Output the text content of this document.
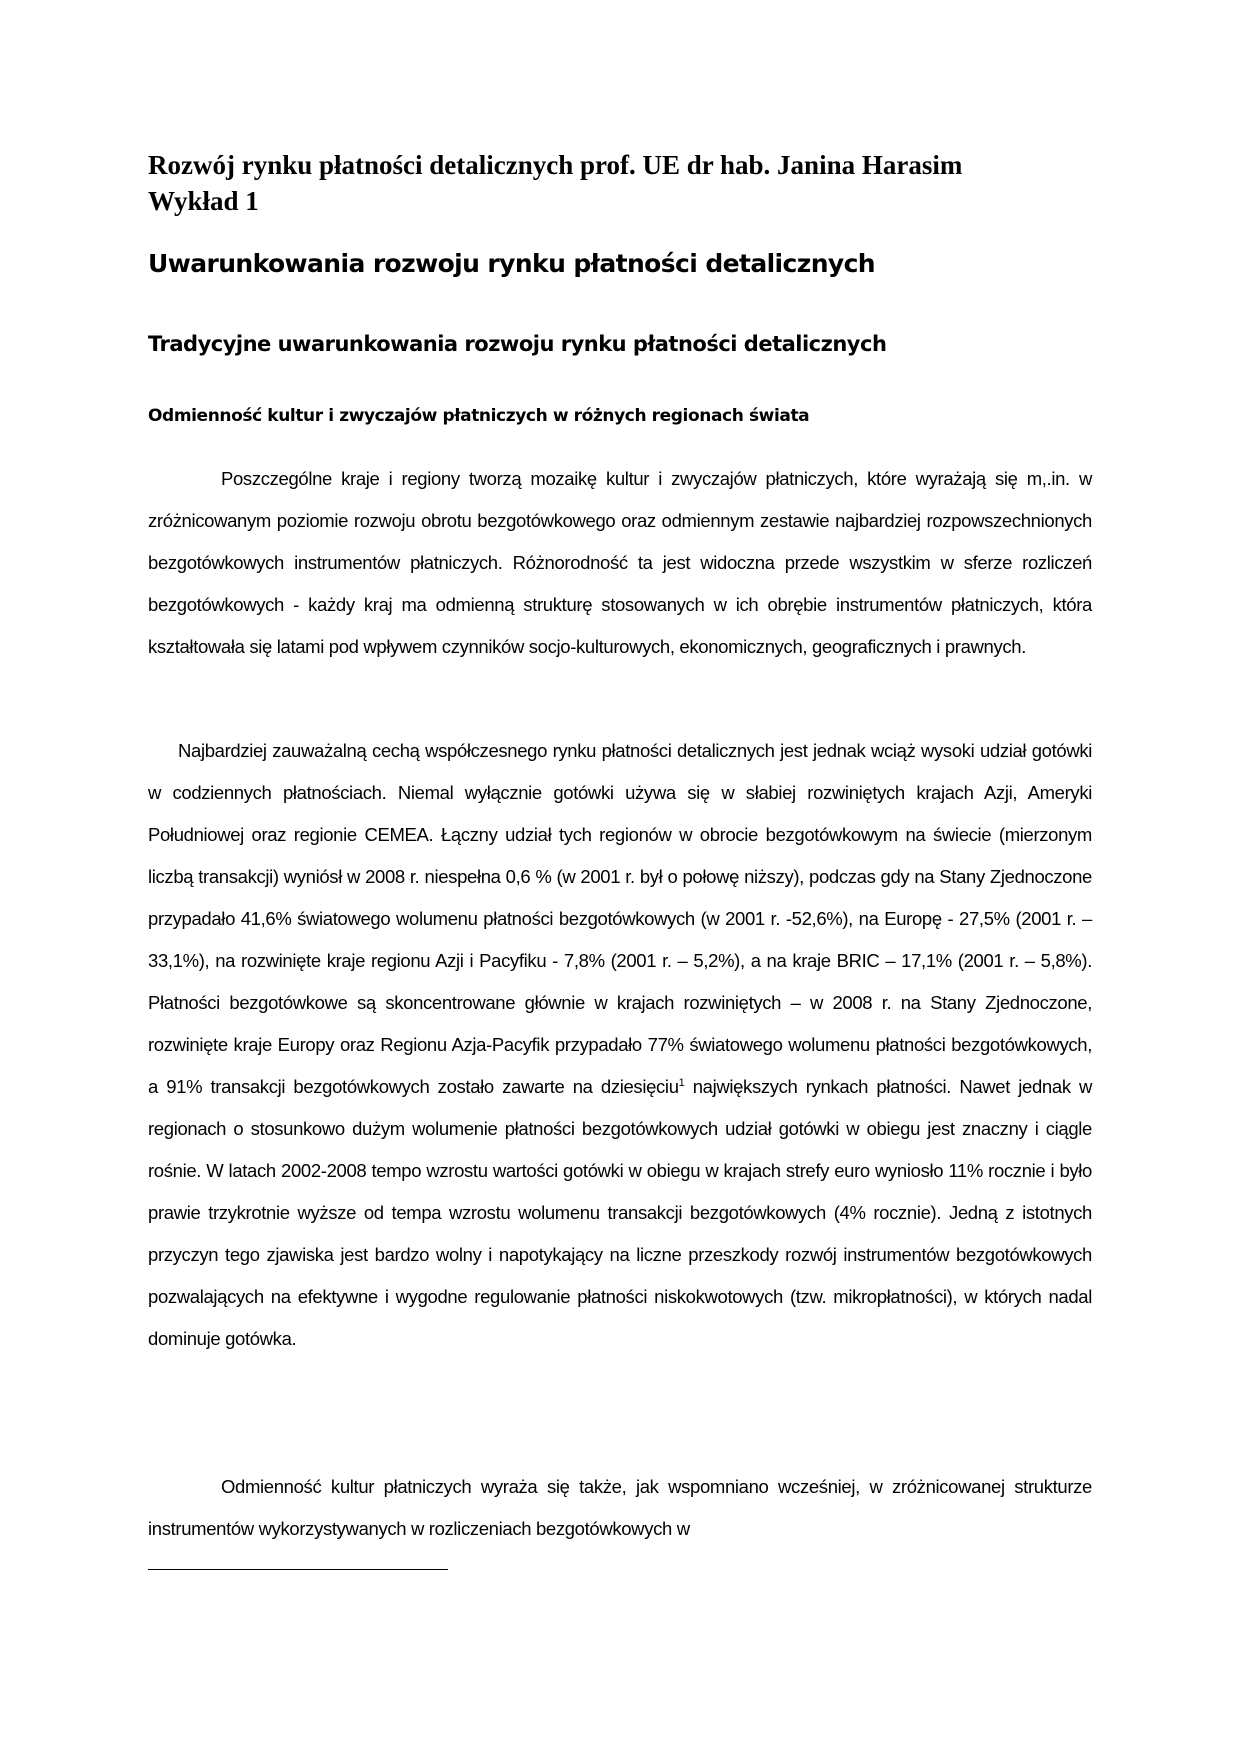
Rozwój rynku płatności detalicznych prof. UE dr hab. Janina Harasim
Wykład 1
Uwarunkowania rozwoju rynku płatności detalicznych
Tradycyjne uwarunkowania rozwoju rynku płatności detalicznych
Odmienność kultur i zwyczajów płatniczych w różnych regionach świata

Poszczególne kraje i regiony tworzą mozaikę kultur i zwyczajów płatniczych, które wyrażają się m,.in. w zróżnicowanym poziomie rozwoju obrotu bezgotówkowego oraz odmiennym zestawie najbardziej rozpowszechnionych bezgotówkowych instrumentów płatniczych. Różnorodność ta jest widoczna przede wszystkim w sferze rozliczeń bezgotówkowych - każdy kraj ma odmienną strukturę stosowanych w ich obrębie instrumentów płatniczych, która kształtowała się latami pod wpływem czynników socjo-kulturowych, ekonomicznych, geograficznych i prawnych.

Najbardziej zauważalną cechą współczesnego rynku płatności detalicznych jest jednak wciąż wysoki udział gotówki w codziennych płatnościach. Niemal wyłącznie gotówki używa się w słabiej rozwiniętych krajach Azji, Ameryki Południowej oraz regionie CEMEA. Łączny udział tych regionów w obrocie bezgotówkowym na świecie (mierzonym liczbą transakcji) wyniósł w 2008 r. niespełna 0,6 % (w 2001 r. był o połowę niższy), podczas gdy na Stany Zjednoczone przypadało 41,6% światowego wolumenu płatności bezgotówkowych (w 2001 r. -52,6%), na Europę - 27,5% (2001 r. – 33,1%), na rozwinięte kraje regionu Azji i Pacyfiku - 7,8% (2001 r. – 5,2%), a na kraje BRIC – 17,1% (2001 r. – 5,8%). Płatności bezgotówkowe są skoncentrowane głównie w krajach rozwiniętych – w 2008 r. na Stany Zjednoczone, rozwinięte kraje Europy oraz Regionu Azja-Pacyfik przypadało 77% światowego wolumenu płatności bezgotówkowych, a 91% transakcji bezgotówkowych zostało zawarte na dziesięciu$^1$ największych rynkach płatności. Nawet jednak w regionach o stosunkowo dużym wolumenie płatności bezgotówkowych udział gotówki w obiegu jest znaczny i ciągle rośnie. W latach 2002-2008 tempo wzrostu wartości gotówki w obiegu w krajach strefy euro wyniosło 11% rocznie i było prawie trzykrotnie wyższe od tempa wzrostu wolumenu transakcji bezgotówkowych (4% rocznie). Jedną z istotnych przyczyn tego zjawiska jest bardzo wolny i napotykający na liczne przeszkody rozwój instrumentów bezgotówkowych pozwalających na efektywne i wygodne regulowanie płatności niskokwotowych (tzw. mikropłatności), w których nadal dominuje gotówka.

Odmienność kultur płatniczych wyraża się także, jak wspomniano wcześniej, w zróżnicowanej strukturze instrumentów wykorzystywanych w rozliczeniach bezgotówkowych w
